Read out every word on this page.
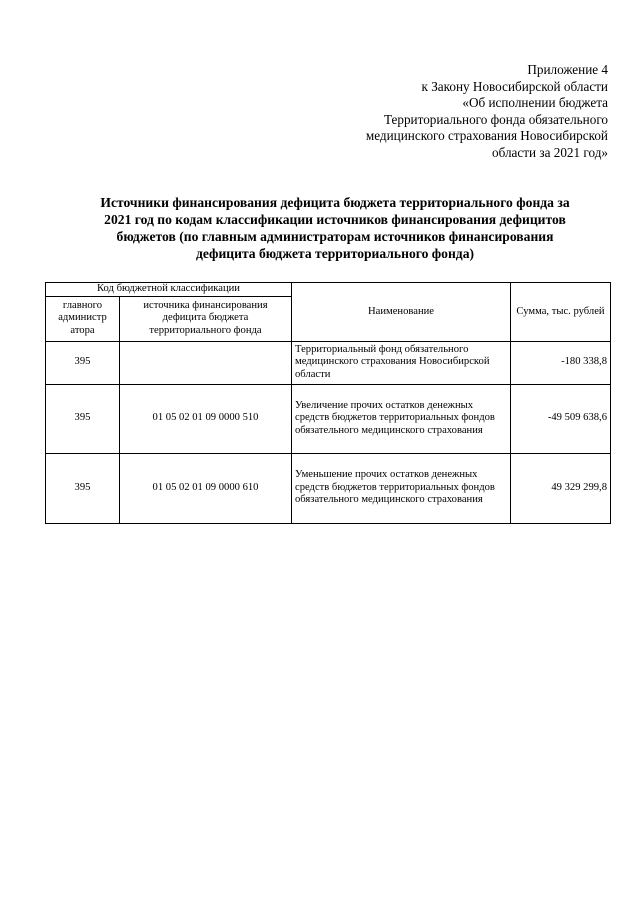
Приложение 4
к Закону Новосибирской области
«Об исполнении бюджета
Территориального фонда обязательного
медицинского страхования Новосибирской
области за 2021 год»
Источники финансирования дефицита бюджета территориального фонда за
2021 год по кодам классификации источников финансирования дефицитов
бюджетов (по главным администраторам источников финансирования
дефицита бюджета территориального фонда)
Код бюджетной классификации		Наименование	Сумма, тыс. рублей
главного администр атора	источника финансирования дефицита бюджета территориального фонда		
395		Территориальный фонд обязательного медицинского страхования Новосибирской области	-180 338,8
395	01 05 02 01 09 0000 510	Увеличение прочих остатков денежных средств бюджетов территориальных фондов обязательного медицинского страхования	-49 509 638,6
395	01 05 02 01 09 0000 610	Уменьшение прочих остатков денежных средств бюджетов территориальных фондов обязательного медицинского страхования	49 329 299,8
